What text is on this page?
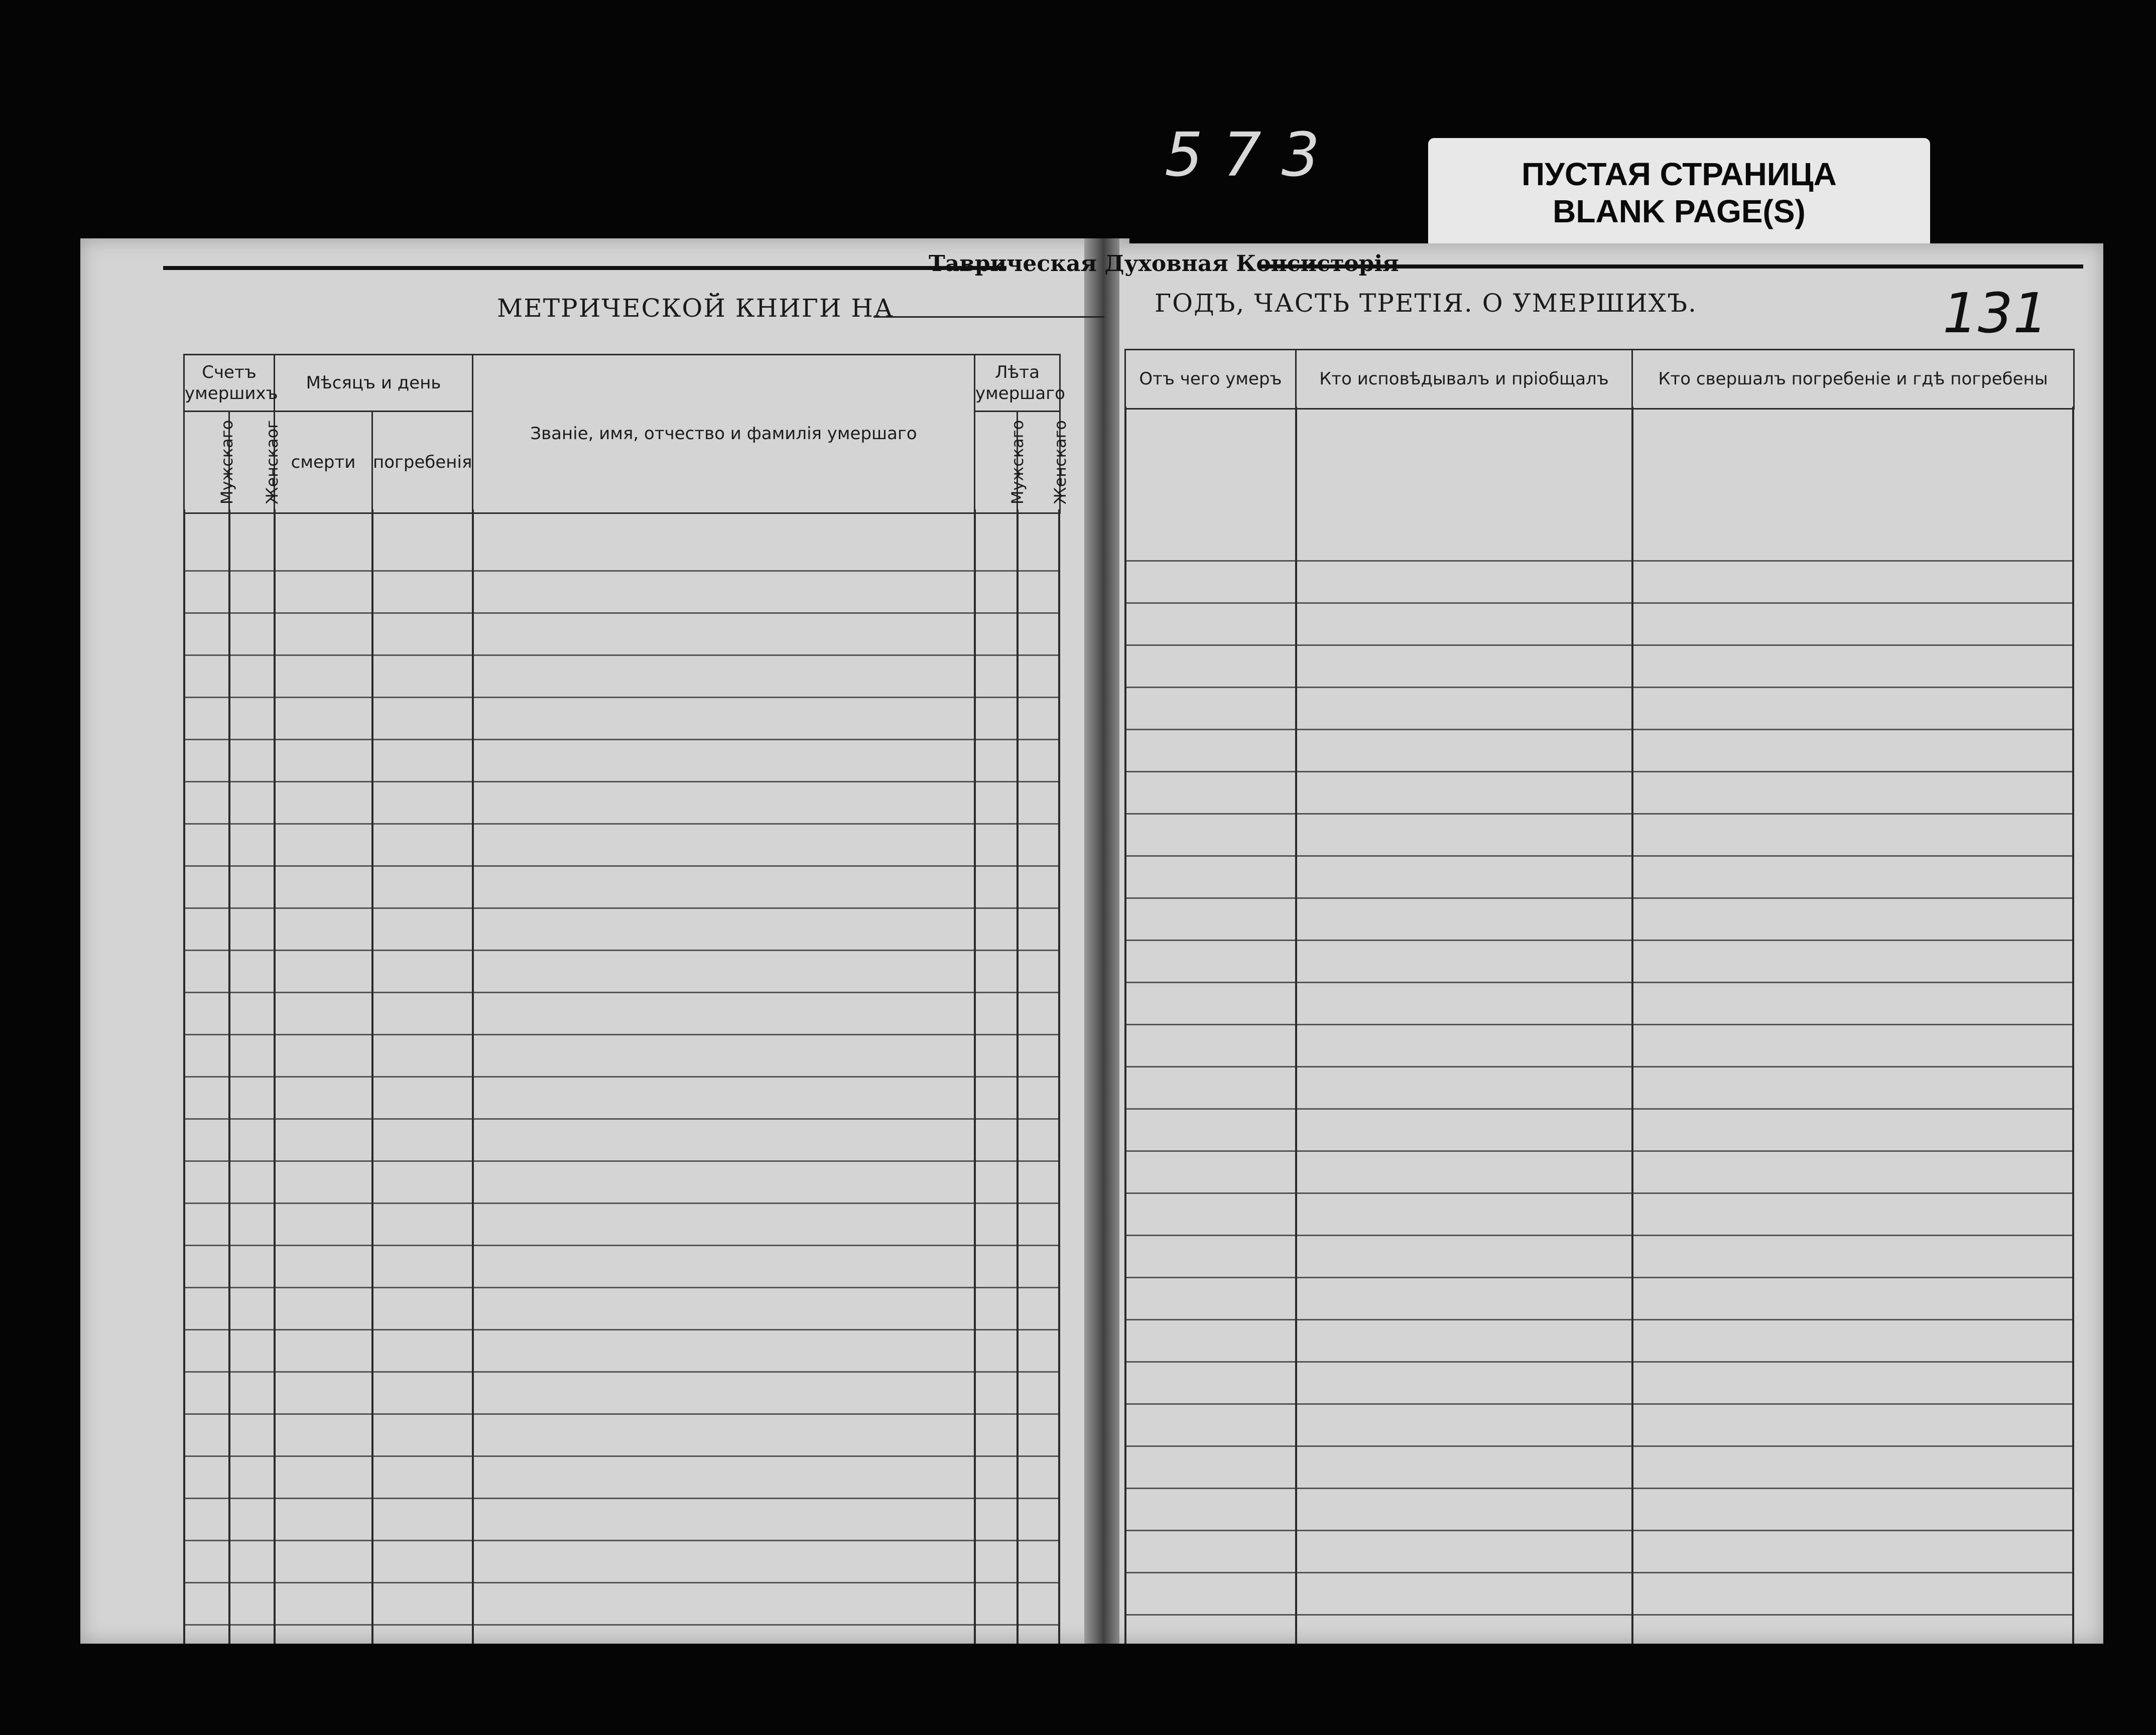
573	ПУСТАЯ СТРАНИЦА
BLANK PAGE(S)
Таврическая Духовная Консисторія
МЕТРИЧЕСКОЙ КНИГИ НА	ГОДЪ, ЧАСТЬ ТРЕТІЯ. О УМЕРШИХЪ.
Счетъ умершихъ		Мѣсяцъ и день		Званіе, имя, отчество и фамилія умершаго	Лѣта умершаго	
Мужскаго	Женскаог	смерти	погребенія		Мужскаго	Женскаго
Отъ чего умеръ	Кто исповѣдывалъ и пріобщалъ	Кто свершалъ погребеніе и гдѣ погребены
131
